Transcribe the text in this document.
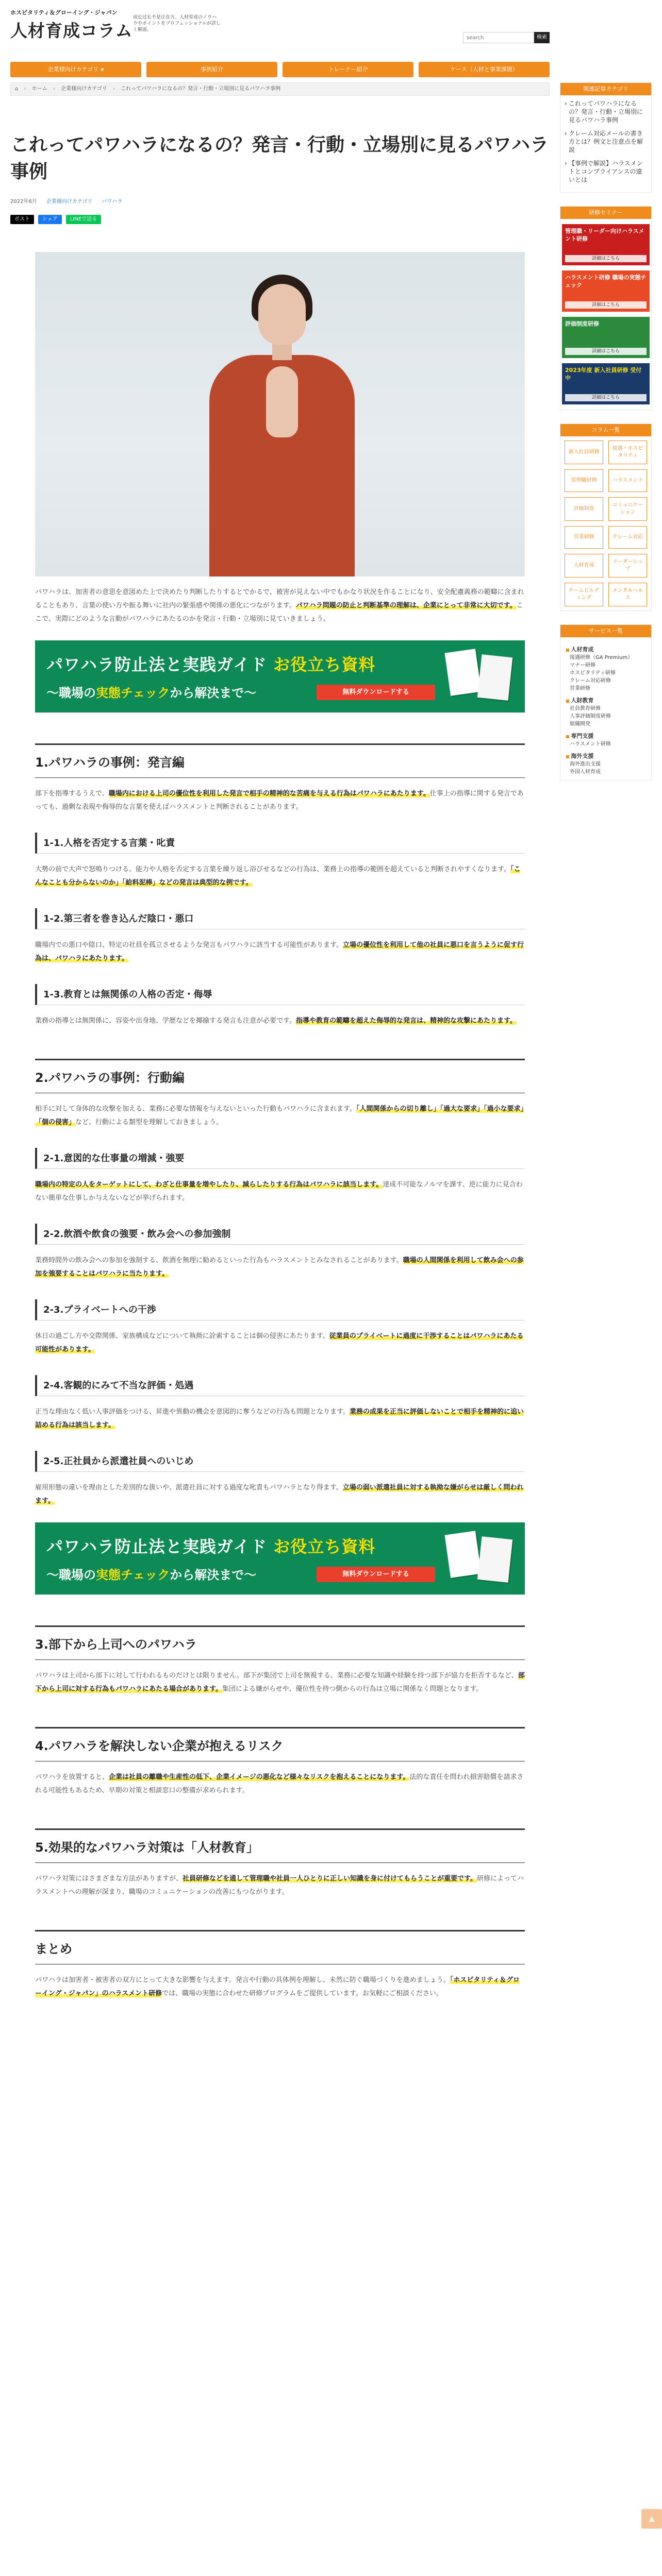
ホスピタリティ＆グローイング・ジャパン
人材育成コラム
成长过长不是让在方。人材育成のノウハウやポイントをプロフェッショナルが詳しく解説。
search
検索
企業様向けカテゴリ ▼	事例紹介	トレーナー紹介	ケース（人材と事業課題）
⌂ › ホーム › 企業様向けカテゴリ › これってパワハラになるの？発言・行動・立場別に見るパワハラ事例
これってパワハラになるの？発言・行動・立場別に見るパワハラ事例
2022年6月 企業様向けカテゴリ パワハラ
ポスト	シェア	LINEで送る

パワハラは、加害者の意思を意図めた上で決めたり判断したりするとでかるで、被害が見えない中でもかなり状況を作ることになり、安全配慮義務の範疇に含まれることもあり、言葉の使い方や振る舞いに社内の緊張感や関係の悪化につながります。パワハラ問題の防止と判断基準の理解は、企業にとって非常に大切です。ここで、実際にどのような言動がパワハラにあたるのかを発言・行動・立場別に見ていきましょう。

パワハラ防止法と実践ガイド お役立ち資料
〜職場の実態チェックから解決まで〜	無料ダウンロードする
1.パワハラの事例：発言編

部下を指導するうえで、職場内における上司の優位性を利用した発言で相手の精神的な苦痛を与える行為はパワハラにあたります。仕事上の指導に関する発言であっても、過剰な表現や侮辱的な言葉を使えばハラスメントと判断されることがあります。

1-1.人格を否定する言葉・叱責

大勢の前で大声で怒鳴りつける、能力や人格を否定する言葉を繰り返し浴びせるなどの行為は、業務上の指導の範囲を超えていると判断されやすくなります。「こんなことも分からないのか」「給料泥棒」などの発言は典型的な例です。

1-2.第三者を巻き込んだ陰口・悪口

職場内での悪口や陰口、特定の社員を孤立させるような発言もパワハラに該当する可能性があります。立場の優位性を利用して他の社員に悪口を言うように促す行為は、パワハラにあたります。

1-3.教育とは無関係の人格の否定・侮辱

業務の指導とは無関係に、容姿や出身地、学歴などを揶揄する発言も注意が必要です。指導や教育の範疇を超えた侮辱的な発言は、精神的な攻撃にあたります。

2.パワハラの事例：行動編

相手に対して身体的な攻撃を加える、業務に必要な情報を与えないといった行動もパワハラに含まれます。「人間関係からの切り離し」「過大な要求」「過小な要求」「個の侵害」など、行動による類型を理解しておきましょう。

2-1.意図的な仕事量の増減・強要

職場内の特定の人をターゲットにして、わざと仕事量を増やしたり、減らしたりする行為はパワハラに該当します。達成不可能なノルマを課す、逆に能力に見合わない簡単な仕事しか与えないなどが挙げられます。

2-2.飲酒や飲食の強要・飲み会への参加強制

業務時間外の飲み会への参加を強制する、飲酒を無理に勧めるといった行為もハラスメントとみなされることがあります。職場の人間関係を利用して飲み会への参加を強要することはパワハラに当たります。

2-3.プライベートへの干渉

休日の過ごし方や交際関係、家族構成などについて執拗に詮索することは個の侵害にあたります。従業員のプライベートに過度に干渉することはパワハラにあたる可能性があります。

2-4.客観的にみて不当な評価・処遇

正当な理由なく低い人事評価をつける、昇進や異動の機会を意図的に奪うなどの行為も問題となります。業務の成果を正当に評価しないことで相手を精神的に追い詰める行為は該当します。

2-5.正社員から派遣社員へのいじめ

雇用形態の違いを理由とした差別的な扱いや、派遣社員に対する過度な叱責もパワハラとなり得ます。立場の弱い派遣社員に対する執拗な嫌がらせは厳しく問われます。

パワハラ防止法と実践ガイド お役立ち資料
〜職場の実態チェックから解決まで〜	無料ダウンロードする
3.部下から上司へのパワハラ

パワハラは上司から部下に対して行われるものだけとは限りません。部下が集団で上司を無視する、業務に必要な知識や経験を持つ部下が協力を拒否するなど、部下から上司に対する行為もパワハラにあたる場合があります。集団による嫌がらせや、優位性を持つ側からの行為は立場に関係なく問題となります。

4.パワハラを解決しない企業が抱えるリスク

パワハラを放置すると、企業は社員の離職や生産性の低下、企業イメージの悪化など様々なリスクを抱えることになります。法的な責任を問われ損害賠償を請求される可能性もあるため、早期の対策と相談窓口の整備が求められます。

5.効果的なパワハラ対策は「人材教育」

パワハラ対策にはさまざまな方法がありますが、社員研修などを通して管理職や社員一人ひとりに正しい知識を身に付けてもらうことが重要です。研修によってハラスメントへの理解が深まり、職場のコミュニケーションの改善にもつながります。

まとめ

パワハラは加害者・被害者の双方にとって大きな影響を与えます。発言や行動の具体例を理解し、未然に防ぐ職場づくりを進めましょう。「ホスピタリティ＆グローイング・ジャパン」のハラスメント研修では、職場の実態に合わせた研修プログラムをご提供しています。お気軽にご相談ください。

関連記事カテゴリ
› これってパワハラになるの？発言・行動・立場別に見るパワハラ事例
› クレーム対応メールの書き方とは？例文と注意点を解説
› 【事例で解説】ハラスメントとコンプライアンスの違いとは
研修セミナー
管理職・リーダー向けハラスメント研修
詳細はこちら
ハラスメント研修 職場の実態チェック
詳細はこちら
評価制度研修
詳細はこちら
2023年度 新入社員研修 受付中
詳細はこちら
コラム一覧
新入社員研修
接遇・ホスピタリティ
管理職研修	ハラスメント
評価制度
コミュニケーション
営業研修	クレーム対応
人材育成
リーダーシップ
チームビルディング
メンタルヘルス
サービス一覧
■ 人材育成
接遇研修（GA Premium）
マナー研修
ホスピタリティ研修
クレーム対応研修
営業研修
■ 人財教育
社員教育研修
人事評価制度研修
組織開発
■ 専門支援
ハラスメント研修
■ 海外支援
海外進出支援
外国人材育成
▲
